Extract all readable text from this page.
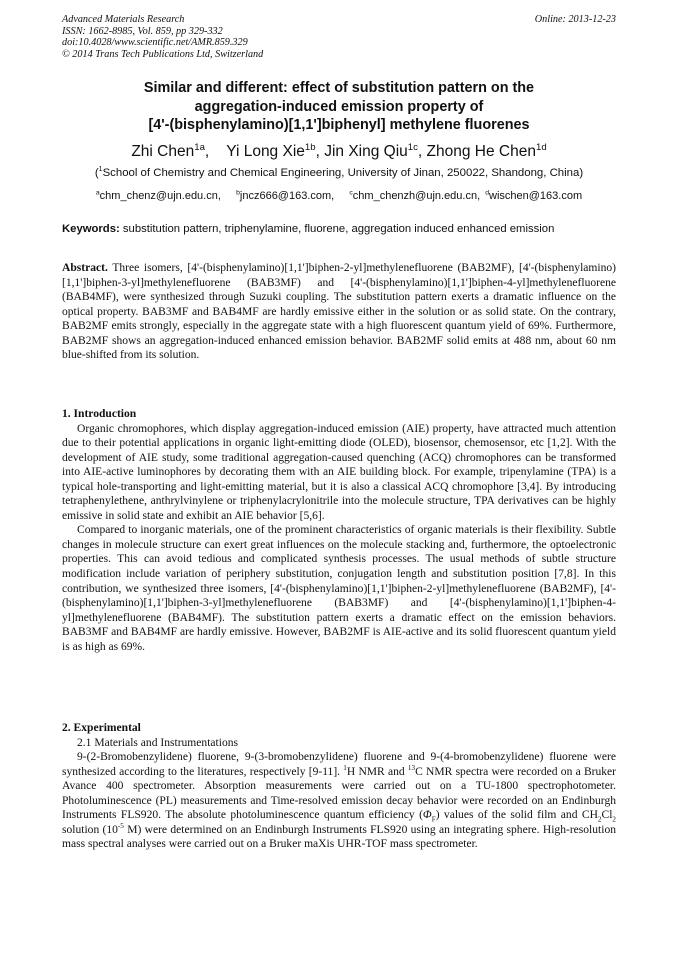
Advanced Materials Research
ISSN: 1662-8985, Vol. 859, pp 329-332
doi:10.4028/www.scientific.net/AMR.859.329
© 2014 Trans Tech Publications Ltd, Switzerland
Online: 2013-12-23
Similar and different: effect of substitution pattern on the
aggregation-induced emission property of
[4'-(bisphenylamino)[1,1']biphenyl] methylene fluorenes
Zhi Chen$^{1a}$,    Yi Long Xie$^{1b}$, Jin Xing Qiu$^{1c}$, Zhong He Chen$^{1d}$
($^1$School of Chemistry and Chemical Engineering, University of Jinan, 250022, Shandong, China)
$^a$chm_chenz@ujn.edu.cn, $^b$jncz666@163.com, $^c$chm_chenzh@ujn.edu.cn, $^d$wischen@163.com
Keywords: substitution pattern, triphenylamine, fluorene, aggregation induced enhanced emission

Abstract. Three isomers, [4'-(bisphenylamino)[1,1']biphen-2-yl]methylenefluorene (BAB2MF), [4'-(bisphenylamino)[1,1']biphen-3-yl]methylenefluorene (BAB3MF) and [4'-(bisphenylamino)[1,1']biphen-4-yl]methylenefluorene (BAB4MF), were synthesized through Suzuki coupling. The substitution pattern exerts a dramatic influence on the optical property. BAB3MF and BAB4MF are hardly emissive either in the solution or as solid state. On the contrary, BAB2MF emits strongly, especially in the aggregate state with a high fluorescent quantum yield of 69%. Furthermore, BAB2MF shows an aggregation-induced enhanced emission behavior. BAB2MF solid emits at 488 nm, about 60 nm blue-shifted from its solution.

1. Introduction

Organic chromophores, which display aggregation-induced emission (AIE) property, have attracted much attention due to their potential applications in organic light-emitting diode (OLED), biosensor, chemosensor, etc [1,2]. With the development of AIE study, some traditional aggregation-caused quenching (ACQ) chromophores can be transformed into AIE-active luminophores by decorating them with an AIE building block. For example, tripenylamine (TPA) is a typical hole-transporting and light-emitting material, but it is also a classical ACQ chromophore [3,4]. By introducing tetraphenylethene, anthrylvinylene or triphenylacrylonitrile into the molecule structure, TPA derivatives can be highly emissive in solid state and exhibit an AIE behavior [5,6].

Compared to inorganic materials, one of the prominent characteristics of organic materials is their flexibility. Subtle changes in molecule structure can exert great influences on the molecule stacking and, furthermore, the optoelectronic properties. This can avoid tedious and complicated synthesis processes. The usual methods of subtle structure modification include variation of periphery substitution, conjugation length and substitution position [7,8]. In this contribution, we synthesized three isomers, [4'-(bisphenylamino)[1,1']biphen-2-yl]methylenefluorene (BAB2MF), [4'-(bisphenylamino)[1,1']biphen-3-yl]methylenefluorene (BAB3MF) and [4'-(bisphenylamino)[1,1']biphen-4-yl]methylenefluorene (BAB4MF). The substitution pattern exerts a dramatic effect on the emission behaviors. BAB3MF and BAB4MF are hardly emissive. However, BAB2MF is AIE-active and its solid fluorescent quantum yield is as high as 69%.

2. Experimental

2.1 Materials and Instrumentations

9-(2-Bromobenzylidene) fluorene, 9-(3-bromobenzylidene) fluorene and 9-(4-bromobenzylidene) fluorene were synthesized according to the literatures, respectively [9-11]. $^1$H NMR and $^{13}$C NMR spectra were recorded on a Bruker Avance 400 spectrometer. Absorption measurements were carried out on a TU-1800 spectrophotometer. Photoluminescence (PL) measurements and Time-resolved emission decay behavior were recorded on an Endinburgh Instruments FLS920. The absolute photoluminescence quantum efficiency $(\Phi_F)$ values of the solid film and $CH_2Cl_2$ solution ($10^{-5}$ M) were determined on an Endinburgh Instruments FLS920 using an integrating sphere. High-resolution mass spectral analyses were carried out on a Bruker maXis UHR-TOF mass spectrometer.
